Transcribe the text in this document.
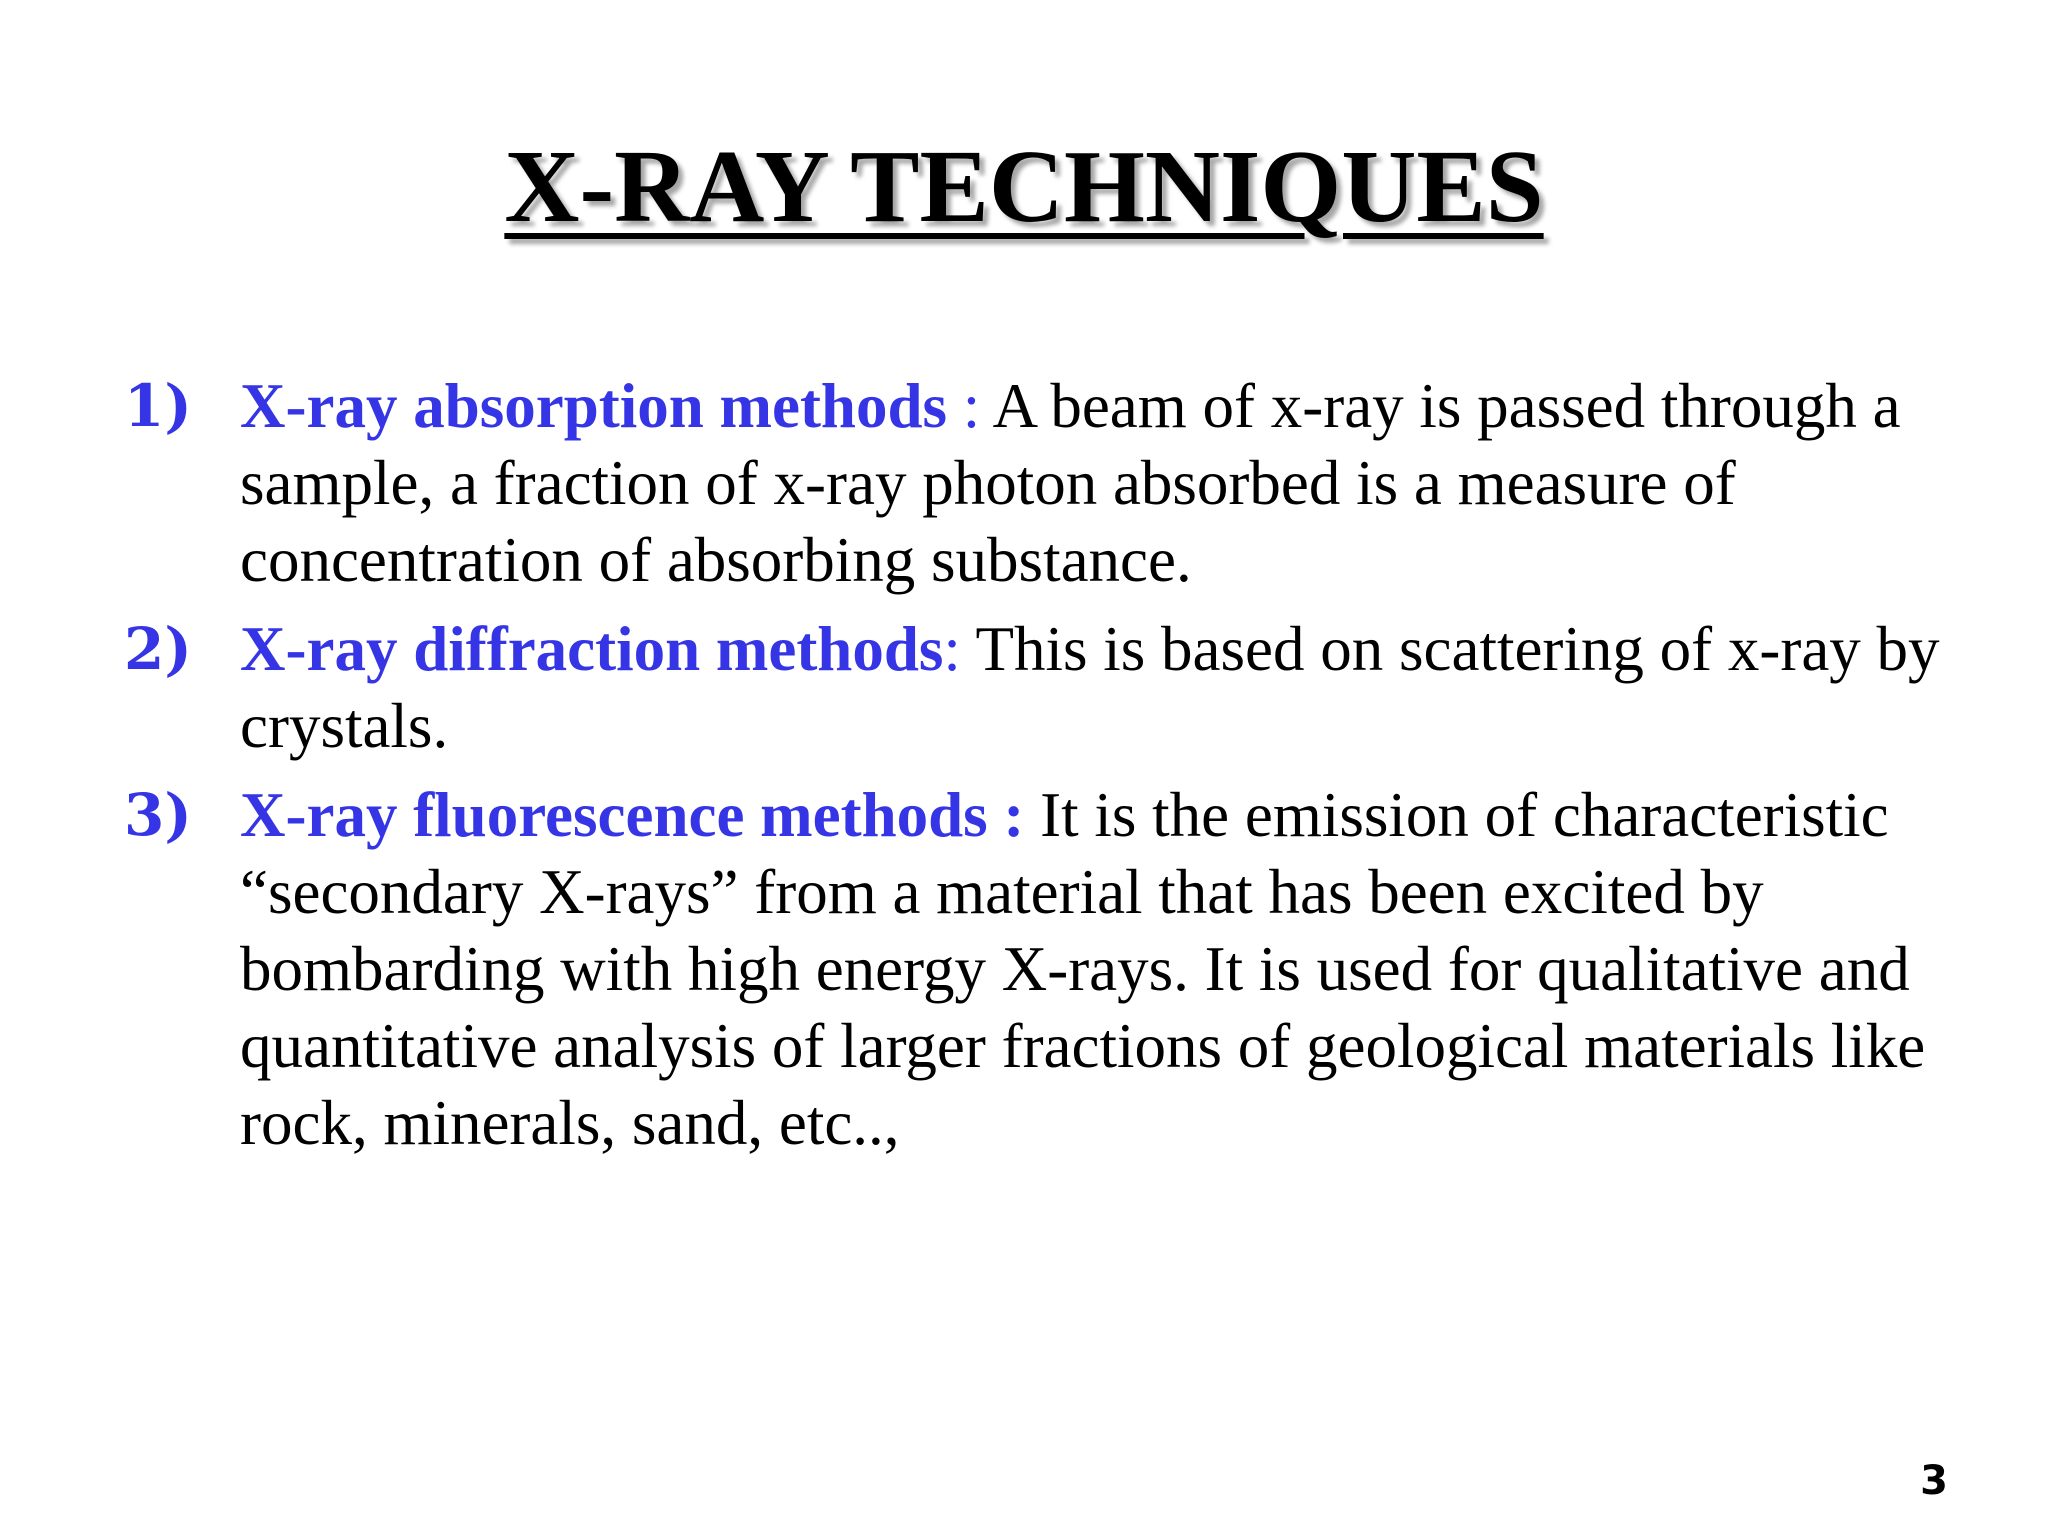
X-RAY TECHNIQUES
1) X-ray absorption methods : A beam of x-ray is passed through a sample, a fraction of x-ray photon absorbed is a measure of concentration of absorbing substance.
2) X-ray diffraction methods: This is based on scattering of x-ray by crystals.
3) X-ray fluorescence methods : It is the emission of characteristic “secondary X-rays” from a material that has been excited by bombarding with high energy X-rays. It is used for qualitative and quantitative analysis of larger fractions of geological materials like rock, minerals, sand, etc..,
3
